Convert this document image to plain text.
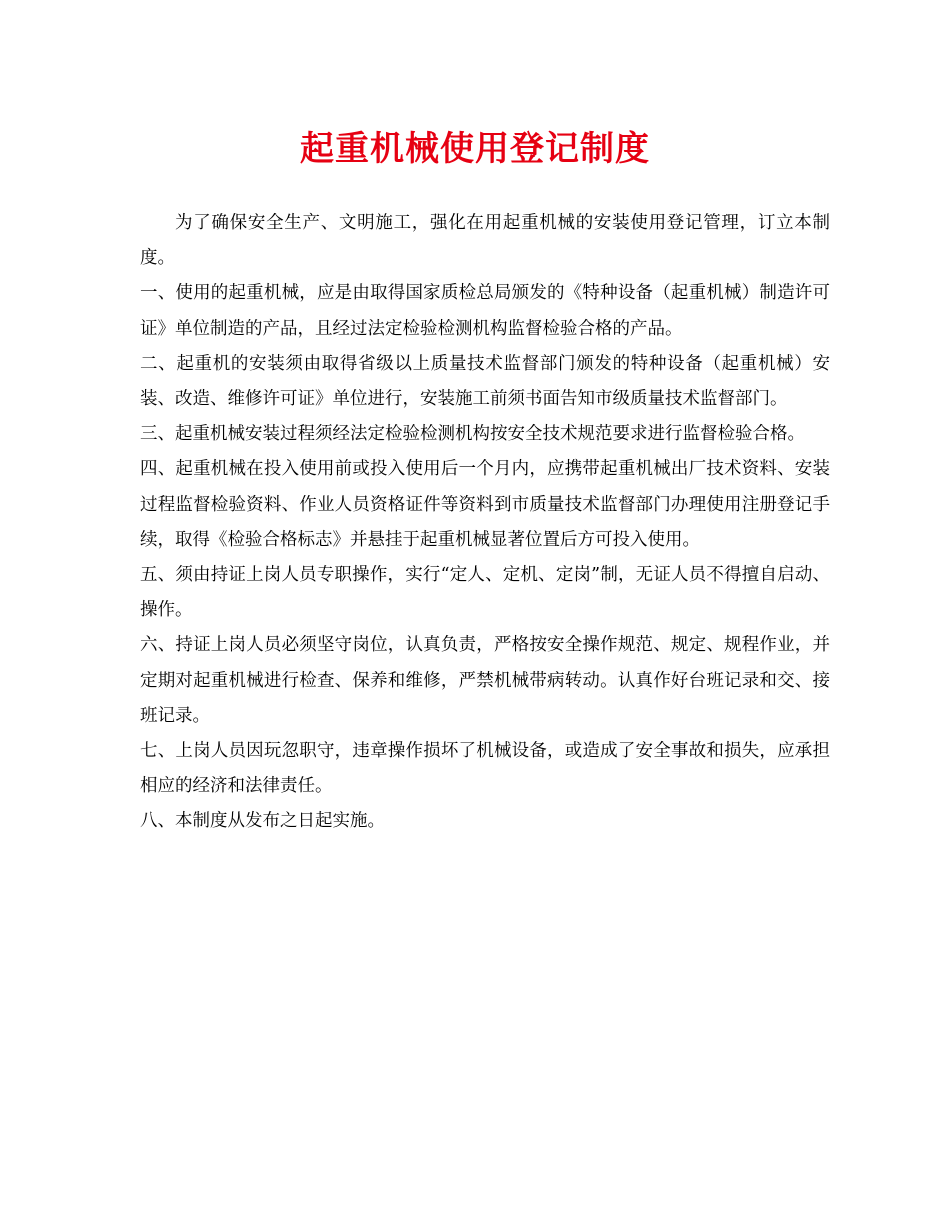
起重机械使用登记制度

为了确保安全生产、文明施工，强化在用起重机械的安装使用登记管理，订立本制度。

一、使用的起重机械，应是由取得国家质检总局颁发的《特种设备（起重机械）制造许可证》单位制造的产品，且经过法定检验检测机构监督检验合格的产品。

二、起重机的安装须由取得省级以上质量技术监督部门颁发的特种设备（起重机械）安装、改造、维修许可证》单位进行，安装施工前须书面告知市级质量技术监督部门。

三、起重机械安装过程须经法定检验检测机构按安全技术规范要求进行监督检验合格。

四、起重机械在投入使用前或投入使用后一个月内，应携带起重机械出厂技术资料、安装过程监督检验资料、作业人员资格证件等资料到市质量技术监督部门办理使用注册登记手续，取得《检验合格标志》并悬挂于起重机械显著位置后方可投入使用。

五、须由持证上岗人员专职操作，实行“定人、定机、定岗”制，无证人员不得擅自启动、操作。

六、持证上岗人员必须坚守岗位，认真负责，严格按安全操作规范、规定、规程作业，并定期对起重机械进行检查、保养和维修，严禁机械带病转动。认真作好台班记录和交、接班记录。

七、上岗人员因玩忽职守，违章操作损坏了机械设备，或造成了安全事故和损失，应承担相应的经济和法律责任。

八、本制度从发布之日起实施。
